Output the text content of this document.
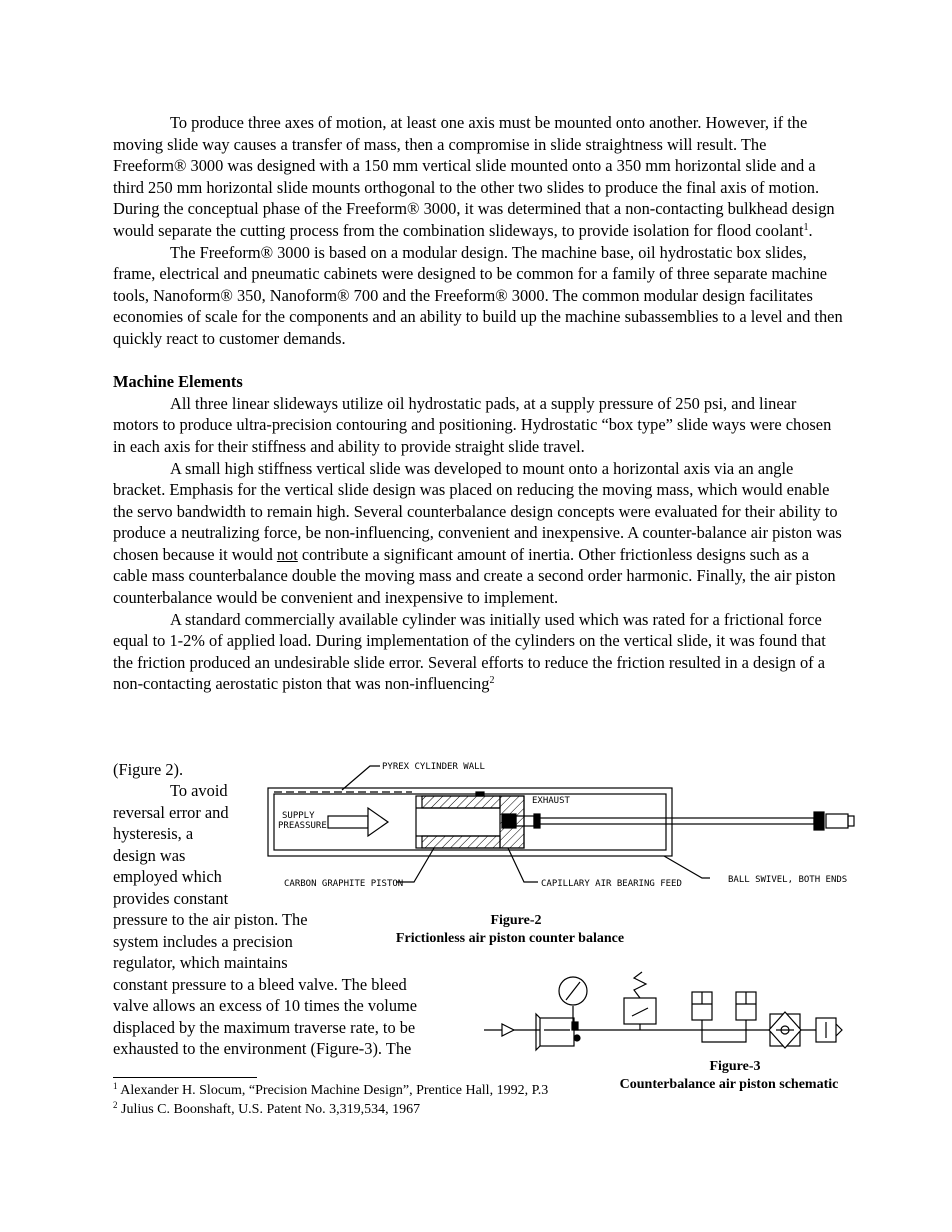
To produce three axes of motion, at least one axis must be mounted onto another. However, if the moving slide way causes a transfer of mass, then a compromise in slide straightness will result. The Freeform® 3000 was designed with a 150 mm vertical slide mounted onto a 350 mm horizontal slide and a third 250 mm horizontal slide mounts orthogonal to the other two slides to produce the final axis of motion. During the conceptual phase of the Freeform® 3000, it was determined that a non-contacting bulkhead design would separate the cutting process from the combination slideways, to provide isolation for flood coolant$^1$.

The Freeform® 3000 is based on a modular design. The machine base, oil hydrostatic box slides, frame, electrical and pneumatic cabinets were designed to be common for a family of three separate machine tools, Nanoform® 350, Nanoform® 700 and the Freeform® 3000. The common modular design facilitates economies of scale for the components and an ability to build up the machine subassemblies to a level and then quickly react to customer demands.

Machine Elements

All three linear slideways utilize oil hydrostatic pads, at a supply pressure of 250 psi, and linear motors to produce ultra-precision contouring and positioning. Hydrostatic “box type” slide ways were chosen in each axis for their stiffness and ability to provide straight slide travel.

A small high stiffness vertical slide was developed to mount onto a horizontal axis via an angle bracket. Emphasis for the vertical slide design was placed on reducing the moving mass, which would enable the servo bandwidth to remain high. Several counterbalance design concepts were evaluated for their ability to produce a neutralizing force, be non-influencing, convenient and inexpensive. A counter-balance air piston was chosen because it would not contribute a significant amount of inertia. Other frictionless designs such as a cable mass counterbalance double the moving mass and create a second order harmonic. Finally, the air piston counterbalance would be convenient and inexpensive to implement.

A standard commercially available cylinder was initially used which was rated for a frictional force equal to 1-2% of applied load. During implementation of the cylinders on the vertical slide, it was found that the friction produced an undesirable slide error. Several efforts to reduce the friction resulted in a design of a non-contacting aerostatic piston that was non-influencing$^2$

(Figure 2).
To avoid
reversal error and
hysteresis, a
design was
employed which
provides constant
pressure to the air piston. The
system includes a precision
regulator, which maintains
constant pressure to a bleed valve. The bleed
valve allows an excess of 10 times the volume
displaced by the maximum traverse rate, to be
exhausted to the environment (Figure-3). The
PYREX CYLINDER WALL
EXHAUST
SUPPLY
PREASSURE
CARBON GRAPHITE PISTON	CAPILLARY AIR BEARING FEED	BALL SWIVEL, BOTH ENDS
Figure-2
Frictionless air piston counter balance
Figure-3
Counterbalance air piston schematic
$^1$ Alexander H. Slocum, “Precision Machine Design”, Prentice Hall, 1992, P.3
$^2$ Julius C. Boonshaft, U.S. Patent No. 3,319,534, 1967
